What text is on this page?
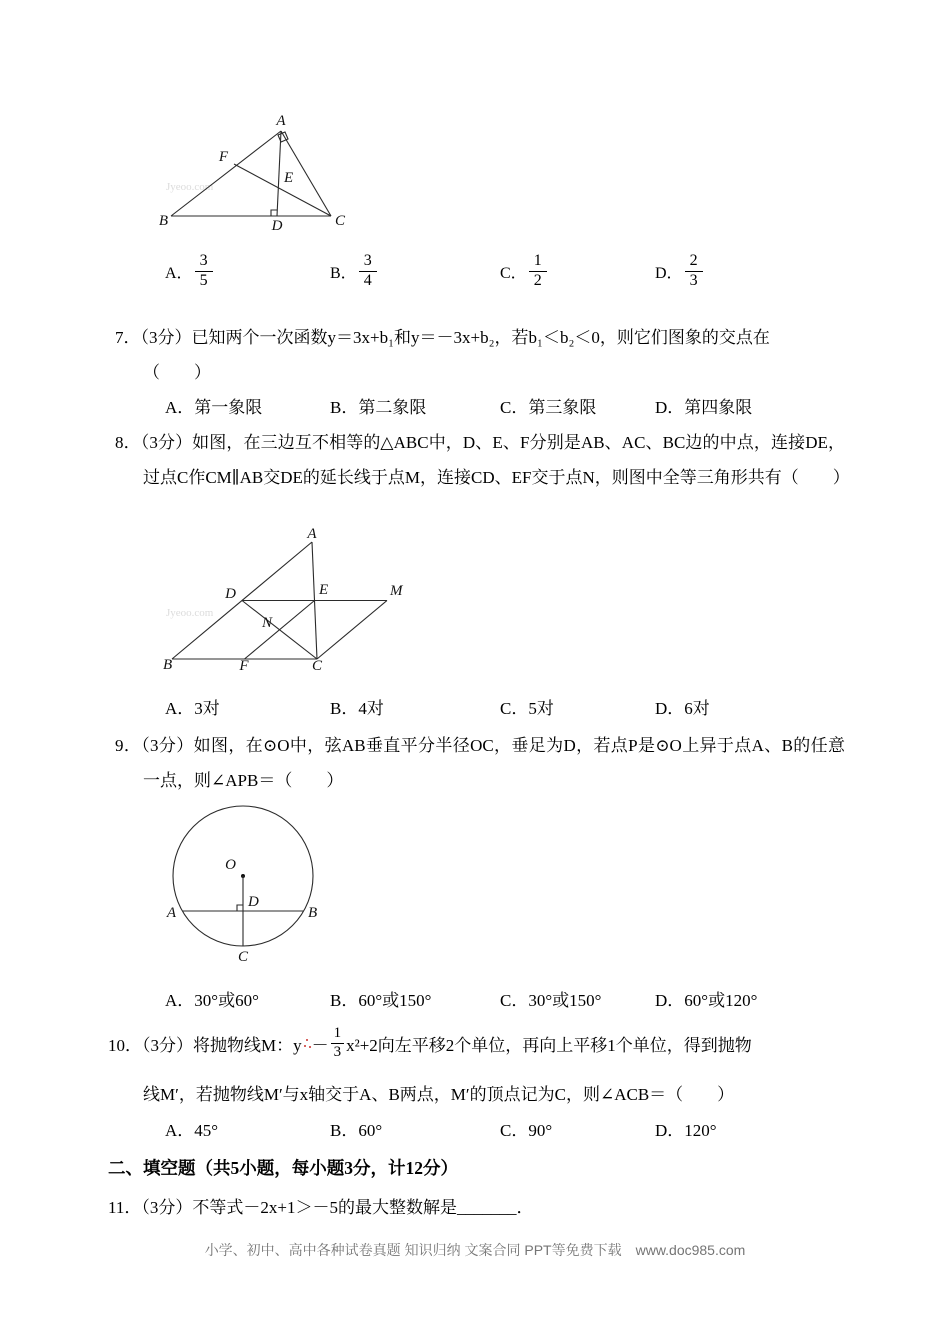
Jyeoo.com
A
F
E
B	D	C
A． $\frac{3}{5}$	B． $\frac{3}{4}$	C． $\frac{1}{2}$	D． $\frac{2}{3}$
7．（3分）已知两个一次函数y＝3x+b₁和y＝－3x+b₂，若b₁＜b₂＜0，则它们图象的交点在
（　　）
A．第一象限	B．第二象限	C．第三象限	D．第四象限
8．（3分）如图，在三边互不相等的△ABC中，D、E、F分别是AB、AC、BC边的中点，连接DE，过点C作CM∥AB交DE的延长线于点M，连接CD、EF交于点N，则图中全等三角形共有（　　）
Jyeoo.com
A
D	E	M
N
B	F	C
A．3对	B．4对	C．5对	D．6对
9．（3分）如图，在⊙O中，弦AB垂直平分半径OC，垂足为D，若点P是⊙O上异于点A、B的任意一点，则∠APB＝（　　）
O
A	B
D
C
A．30°或60°	B．60°或150°	C．30°或150°	D．60°或120°
10．（3分）将抛物线M：$y - \frac{1}{3} x^2+2$向左平移2个单位，再向上平移1个单位，得到抛物
线M′，若抛物线M′与x轴交于A、B两点，M′的顶点记为C，则∠ACB＝（　　）
A．45°	B．60°	C．90°	D．120°
二、填空题（共5小题，每小题3分，计12分）
11．（3分）不等式－2x+1＞－5的最大整数解是_______．
小学、初中、高中各种试卷真题 知识归纳 文案合同 PPT等免费下载 www.doc985.com
